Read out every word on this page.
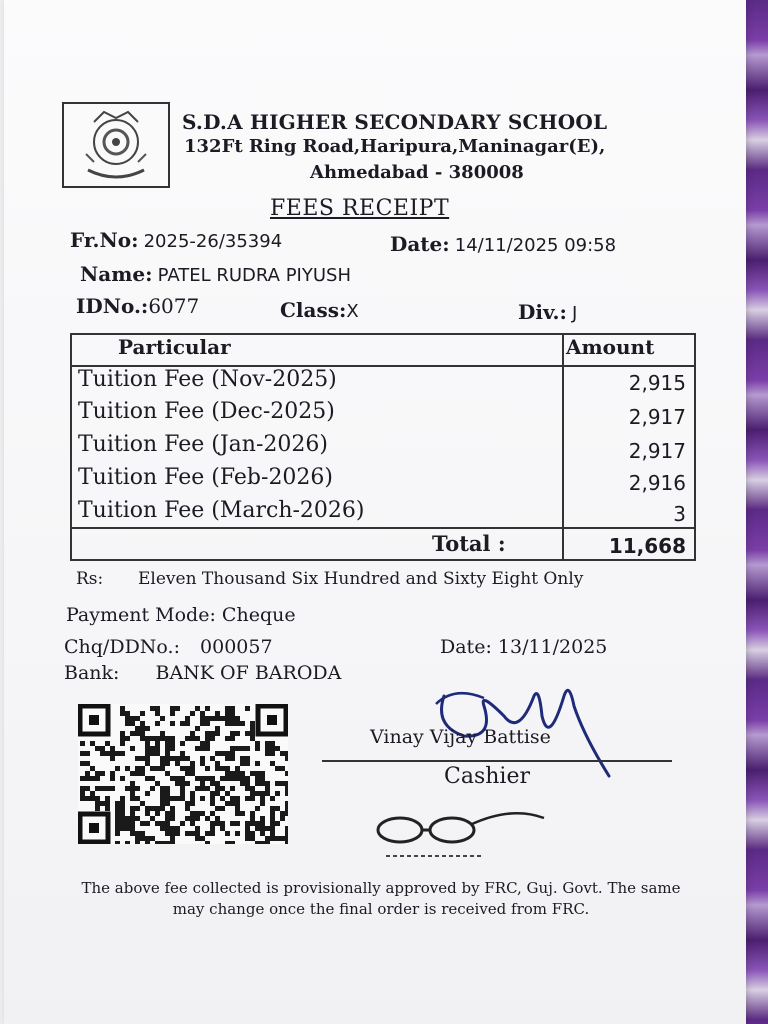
S.D.A HIGHER SECONDARY SCHOOL
132Ft Ring Road,Haripura,Maninagar(E),
Ahmedabad - 380008
FEES RECEIPT
Fr.No: 2025-26/35394	Date: 14/11/2025 09:58
Name: PATEL RUDRA PIYUSH
IDNo.:6077	Class:X	Div.: J
Particular	Amount
Tuition Fee (Nov-2025)	2,915
Tuition Fee (Dec-2025)	2,917
Tuition Fee (Jan-2026)	2,917
Tuition Fee (Feb-2026)	2,916
Tuition Fee (March-2026)	3
Total :	11,668
Rs: Eleven Thousand Six Hundred and Sixty Eight Only
Payment Mode: Cheque
Chq/DDNo.: 000057	Date: 13/11/2025
Bank: BANK OF BARODA
Vinay Vijay Battise
Cashier
The above fee collected is provisionally approved by FRC, Guj. Govt. The same may change once the final order is received from FRC.
